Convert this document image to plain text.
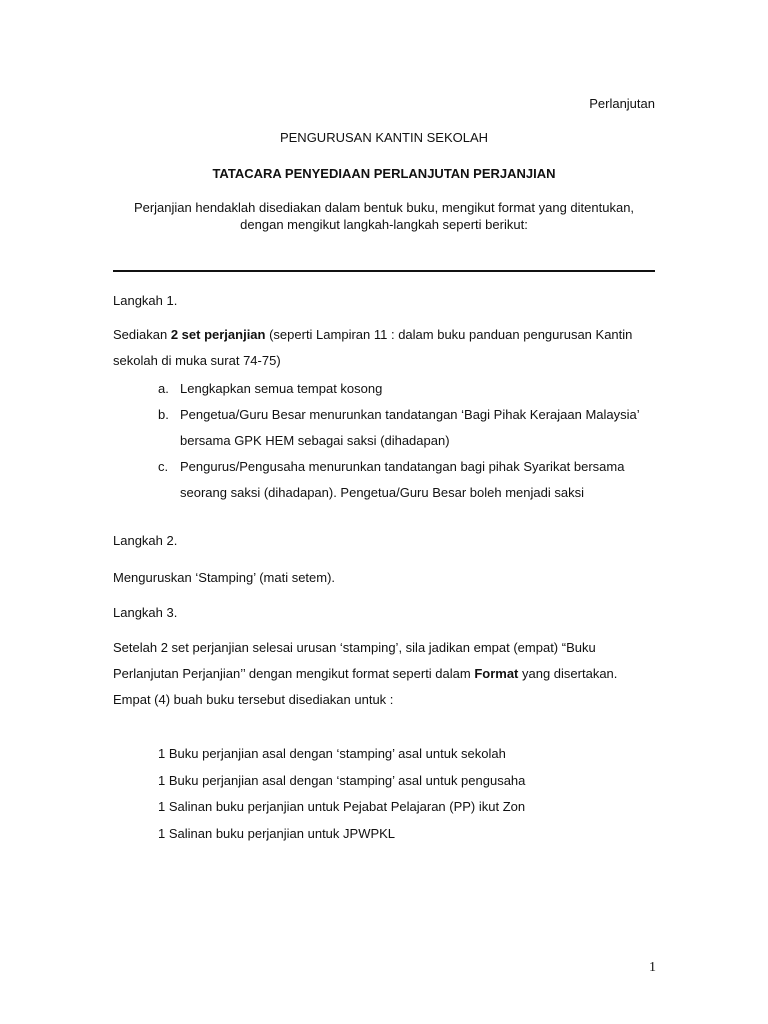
Perlanjutan
PENGURUSAN KANTIN SEKOLAH
TATACARA PENYEDIAAN PERLANJUTAN PERJANJIAN
Perjanjian hendaklah disediakan dalam bentuk buku, mengikut format yang ditentukan, dengan mengikut langkah-langkah seperti berikut:
Langkah 1.
Sediakan 2 set perjanjian (seperti Lampiran 11 : dalam buku panduan pengurusan Kantin sekolah di muka surat 74-75)
a. Lengkapkan semua tempat kosong
b. Pengetua/Guru Besar menurunkan tandatangan ‘Bagi Pihak Kerajaan Malaysia’ bersama GPK HEM sebagai saksi (dihadapan)
c. Pengurus/Pengusaha menurunkan tandatangan bagi pihak Syarikat bersama seorang saksi (dihadapan). Pengetua/Guru Besar boleh menjadi saksi
Langkah 2.
Menguruskan ‘Stamping’ (mati setem).
Langkah 3.
Setelah 2 set perjanjian selesai urusan ‘stamping’, sila jadikan empat (empat) “Buku Perlanjutan Perjanjian’’ dengan mengikut format seperti dalam Format yang disertakan. Empat (4) buah buku tersebut disediakan untuk :
1 Buku perjanjian asal dengan ‘stamping’ asal untuk sekolah
1 Buku perjanjian asal dengan ‘stamping’ asal untuk pengusaha
1 Salinan buku perjanjian untuk Pejabat Pelajaran (PP) ikut Zon
1 Salinan buku perjanjian untuk JPWPKL
1
